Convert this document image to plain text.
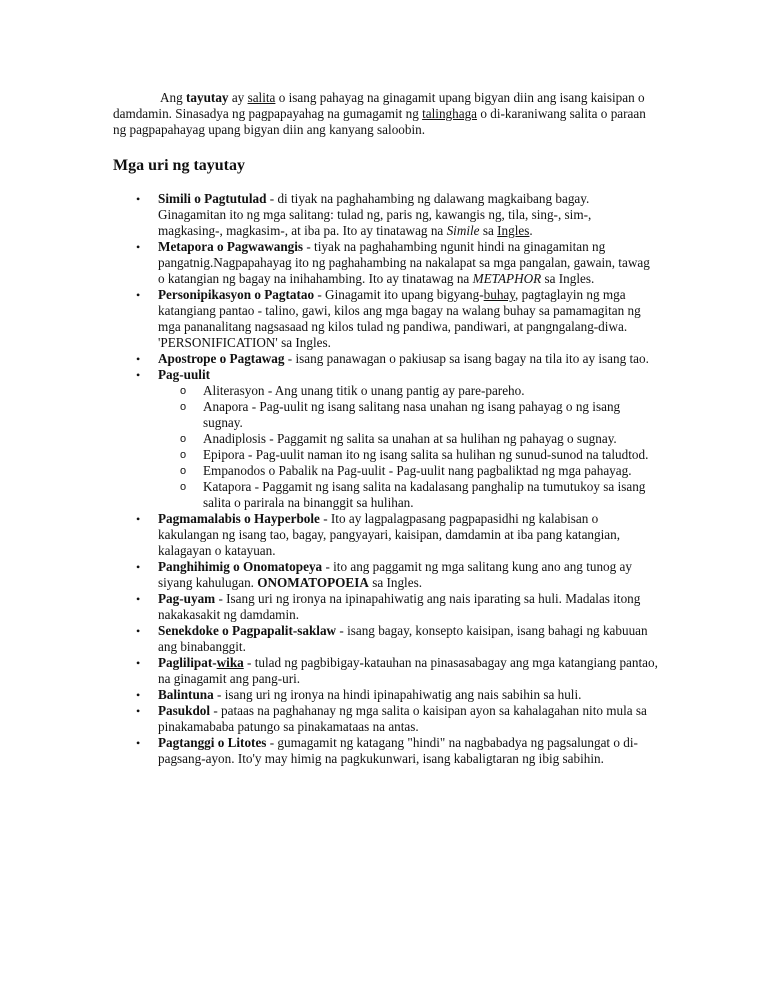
Ang tayutay ay salita o isang pahayag na ginagamit upang bigyan diin ang isang kaisipan o damdamin. Sinasadya ng pagpapayahag na gumagamit ng talinghaga o di-karaniwang salita o paraan ng pagpapahayag upang bigyan diin ang kanyang saloobin.

Mga uri ng tayutay
• Simili o Pagtutulad - di tiyak na paghahambing ng dalawang magkaibang bagay. Ginagamitan ito ng mga salitang: tulad ng, paris ng, kawangis ng, tila, sing-, sim-, magkasing-, magkasim-, at iba pa. Ito ay tinatawag na Simile sa Ingles.
• Metapora o Pagwawangis - tiyak na paghahambing ngunit hindi na ginagamitan ng pangatnig.Nagpapahayag ito ng paghahambing na nakalapat sa mga pangalan, gawain, tawag o katangian ng bagay na inihahambing. Ito ay tinatawag na METAPHOR sa Ingles.
• Personipikasyon o Pagtatao - Ginagamit ito upang bigyang-buhay, pagtaglayin ng mga katangiang pantao - talino, gawi, kilos ang mga bagay na walang buhay sa pamamagitan ng mga pananalitang nagsasaad ng kilos tulad ng pandiwa, pandiwari, at pangngalang-diwa. 'PERSONIFICATION' sa Ingles.
• Apostrope o Pagtawag - isang panawagan o pakiusap sa isang bagay na tila ito ay isang tao.
• Pag-uulit
o Aliterasyon - Ang unang titik o unang pantig ay pare-pareho.
o Anapora - Pag-uulit ng isang salitang nasa unahan ng isang pahayag o ng isang sugnay.
o Anadiplosis - Paggamit ng salita sa unahan at sa hulihan ng pahayag o sugnay.
o Epipora - Pag-uulit naman ito ng isang salita sa hulihan ng sunud-sunod na taludtod.
o Empanodos o Pabalik na Pag-uulit - Pag-uulit nang pagbaliktad ng mga pahayag.
o Katapora - Paggamit ng isang salita na kadalasang panghalip na tumutukoy sa isang salita o parirala na binanggit sa hulihan.
• Pagmamalabis o Hayperbole - Ito ay lagpalagpasang pagpapasidhi ng kalabisan o kakulangan ng isang tao, bagay, pangyayari, kaisipan, damdamin at iba pang katangian, kalagayan o katayuan.
• Panghihimig o Onomatopeya - ito ang paggamit ng mga salitang kung ano ang tunog ay siyang kahulugan. ONOMATOPOEIA sa Ingles.
• Pag-uyam - Isang uri ng ironya na ipinapahiwatig ang nais iparating sa huli. Madalas itong nakakasakit ng damdamin.
• Senekdoke o Pagpapalit-saklaw - isang bagay, konsepto kaisipan, isang bahagi ng kabuuan ang binabanggit.
• Paglilipat-wika - tulad ng pagbibigay-katauhan na pinasasabagay ang mga katangiang pantao, na ginagamit ang pang-uri.
• Balintuna - isang uri ng ironya na hindi ipinapahiwatig ang nais sabihin sa huli.
• Pasukdol - pataas na paghahanay ng mga salita o kaisipan ayon sa kahalagahan nito mula sa pinakamababa patungo sa pinakamataas na antas.
• Pagtanggi o Litotes - gumagamit ng katagang "hindi" na nagbabadya ng pagsalungat o di-pagsang-ayon. Ito'y may himig na pagkukunwari, isang kabaligtaran ng ibig sabihin.
